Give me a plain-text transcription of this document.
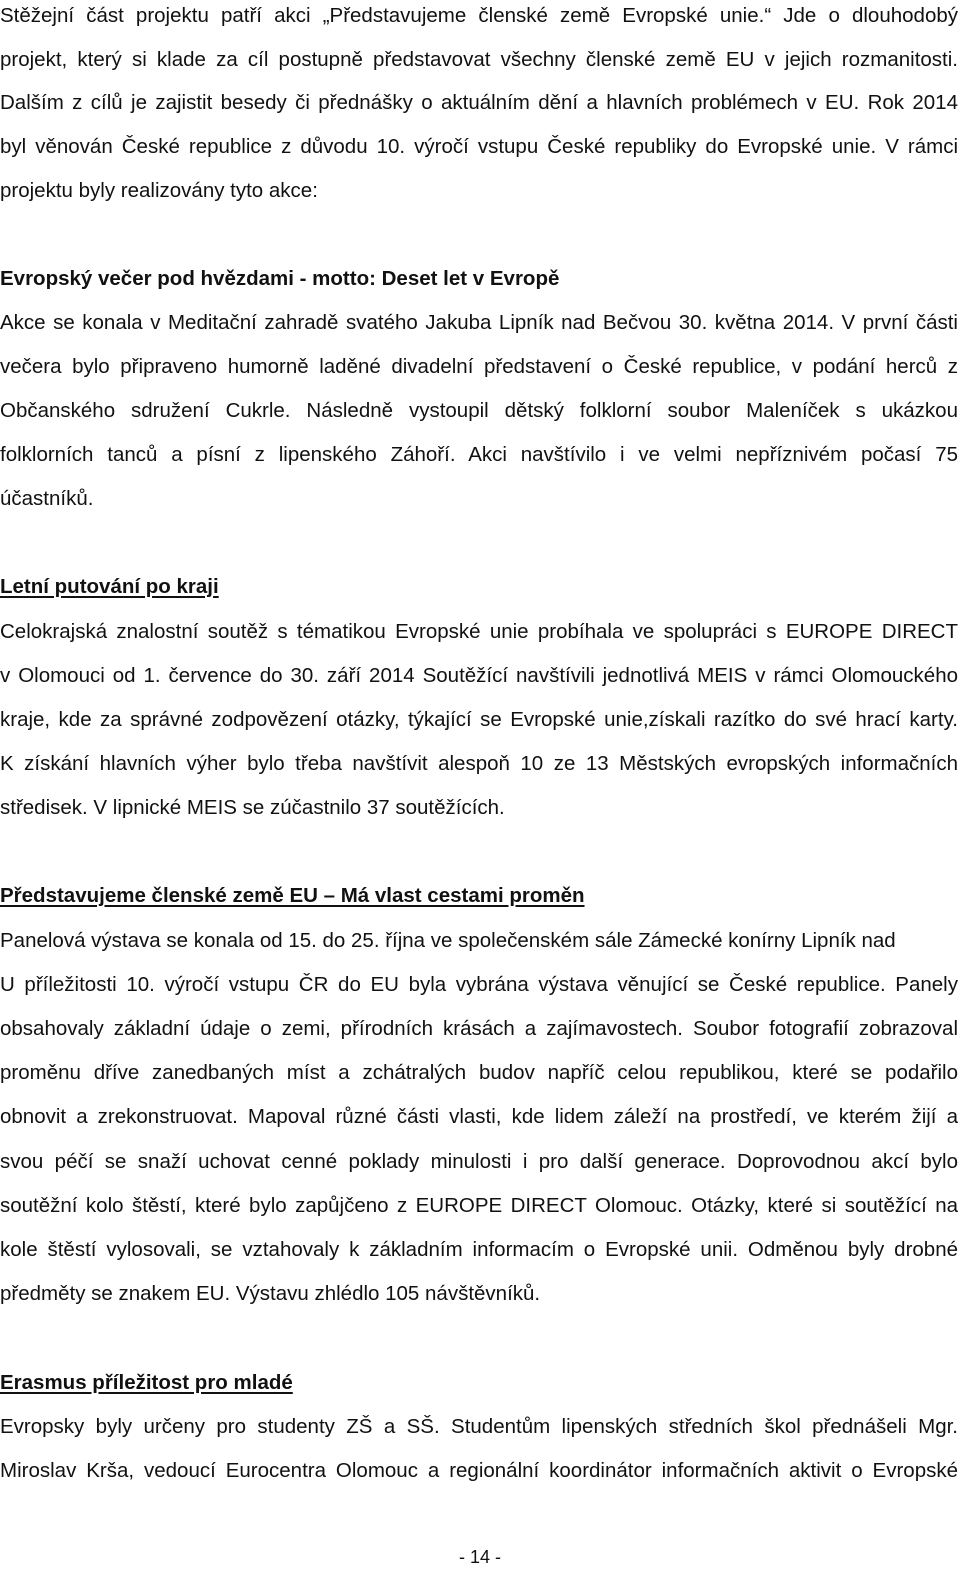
Stěžejní část projektu patří akci „Představujeme členské země Evropské unie.“ Jde o dlouhodobý
projekt, který si klade za cíl postupně představovat všechny členské země EU v jejich rozmanitosti.
Dalším z cílů je zajistit besedy či přednášky o aktuálním dění a hlavních problémech v EU. Rok 2014
byl věnován České republice z důvodu 10. výročí vstupu České republiky do Evropské unie. V rámci
projektu byly realizovány tyto akce:
Evropský večer pod hvězdami - motto: Deset let v Evropě
Akce se konala v Meditační zahradě svatého Jakuba Lipník nad Bečvou 30. května 2014. V první části
večera bylo připraveno humorně laděné divadelní představení o České republice, v podání herců z
Občanského sdružení Cukrle. Následně vystoupil dětský folklorní soubor Maleníček s ukázkou
folklorních tanců a písní z lipenského Záhoří. Akci navštívilo i ve velmi nepříznivém počasí 75
účastníků.
Letní putování po kraji
Celokrajská znalostní soutěž s tématikou Evropské unie probíhala ve spolupráci s EUROPE DIRECT
v Olomouci od 1. července do 30. září 2014 Soutěžící navštívili jednotlivá MEIS v rámci Olomouckého
kraje, kde za správné zodpovězení otázky, týkající se Evropské unie,získali razítko do své hrací karty.
K získání hlavních výher bylo třeba navštívit alespoň 10 ze 13 Městských evropských informačních
středisek. V lipnické MEIS se zúčastnilo 37 soutěžících.
Představujeme členské země EU – Má vlast cestami proměn
Panelová výstava se konala od 15. do 25. října ve společenském sále Zámecké konírny Lipník nad
U příležitosti 10. výročí vstupu ČR do EU byla vybrána výstava věnující se České republice. Panely
obsahovaly základní údaje o zemi, přírodních krásách a zajímavostech. Soubor fotografií zobrazoval
proměnu dříve zanedbaných míst a zchátralých budov napříč celou republikou, které se podařilo
obnovit a zrekonstruovat. Mapoval různé části vlasti, kde lidem záleží na prostředí, ve kterém žijí a
svou péčí se snaží uchovat cenné poklady minulosti i pro další generace. Doprovodnou akcí bylo
soutěžní kolo štěstí, které bylo zapůjčeno z EUROPE DIRECT Olomouc. Otázky, které si soutěžící na
kole štěstí vylosovali, se vztahovaly k základním informacím o Evropské unii. Odměnou byly drobné
předměty se znakem EU. Výstavu zhlédlo 105 návštěvníků.
Erasmus příležitost pro mladé
Evropsky byly určeny pro studenty ZŠ a SŠ. Studentům lipenských středních škol přednášeli Mgr.
Miroslav Krša, vedoucí Eurocentra Olomouc a regionální koordinátor informačních aktivit o Evropské
- 14 -
